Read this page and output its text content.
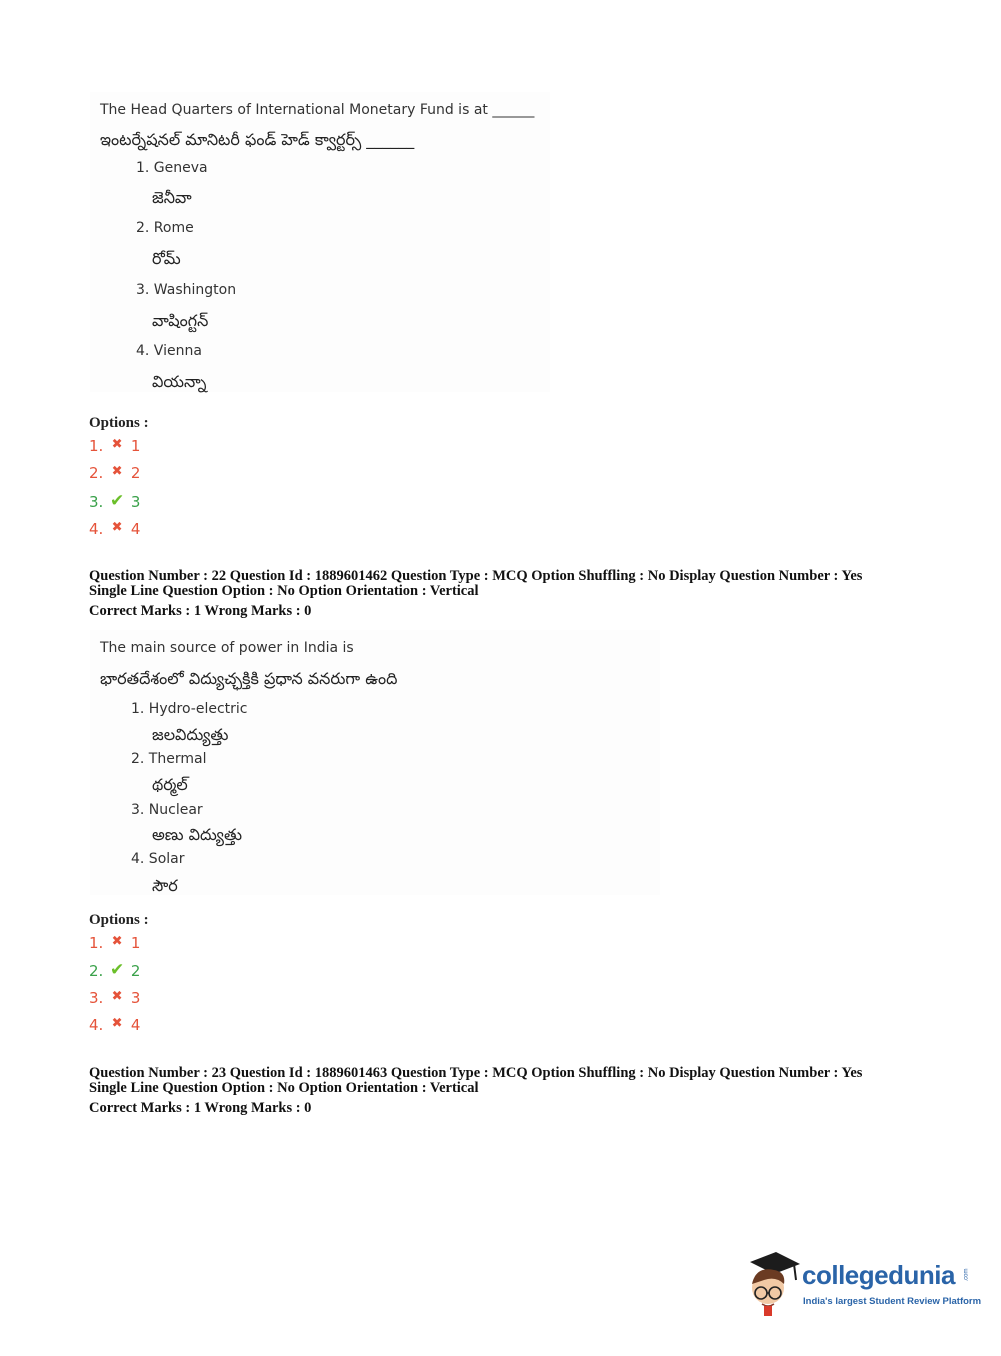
The Head Quarters of International Monetary Fund is at ______
ఇంటర్నేషనల్ మానిటరీ ఫండ్ హెడ్ క్వార్టర్స్ ______
1. Geneva
జెనీవా
2. Rome
రోమ్
3. Washington
వాషింగ్టన్
4. Vienna
వియన్నా
Options :
1. ✖ 1
2. ✖ 2
3. ✔ 3
4. ✖ 4
Question Number : 22 Question Id : 1889601462 Question Type : MCQ Option Shuffling : No Display Question Number : Yes
Single Line Question Option : No Option Orientation : Vertical
Correct Marks : 1 Wrong Marks : 0
The main source of power in India is
భారతదేశంలో విద్యుచ్ఛక్తికి ప్రధాన వనరుగా ఉంది
1. Hydro-electric
జలవిద్యుత్తు
2. Thermal
థర్మల్
3. Nuclear
అణు విద్యుత్తు
4. Solar
సౌర
Options :
1. ✖ 1
2. ✔ 2
3. ✖ 3
4. ✖ 4
Question Number : 23 Question Id : 1889601463 Question Type : MCQ Option Shuffling : No Display Question Number : Yes
Single Line Question Option : No Option Orientation : Vertical
Correct Marks : 1 Wrong Marks : 0
collegedunia .com
India's largest Student Review Platform
